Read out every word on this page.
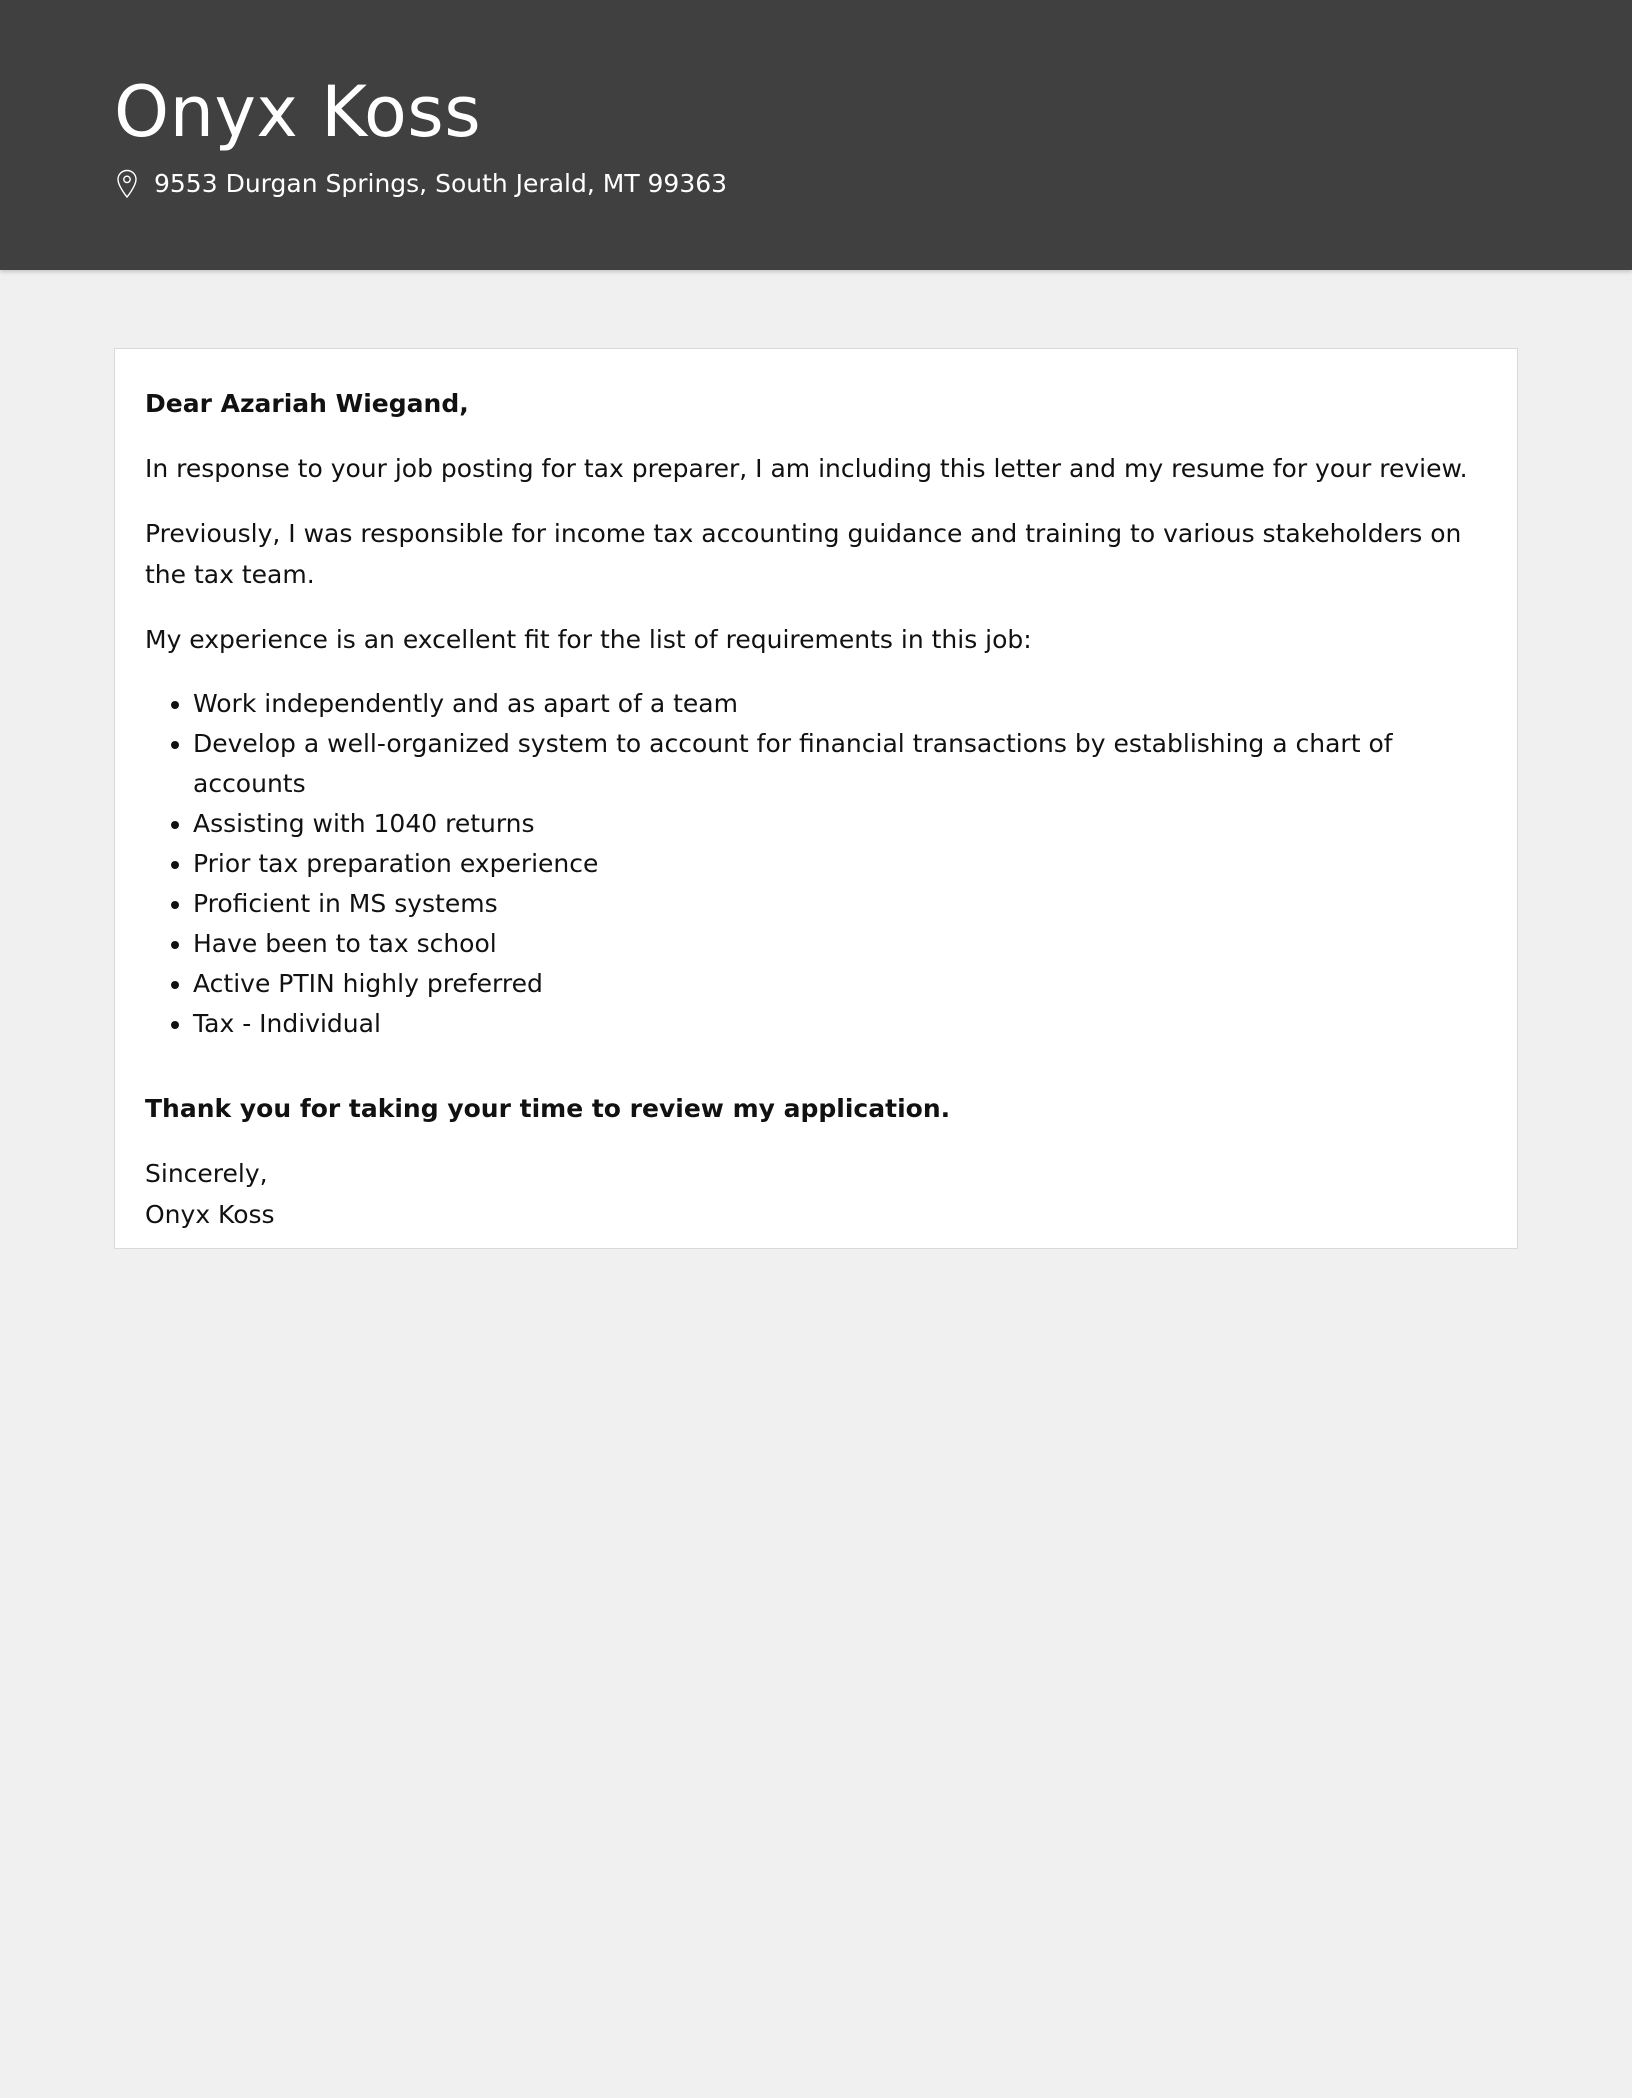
Onyx Koss
9553 Durgan Springs, South Jerald, MT 99363

Dear Azariah Wiegand,

In response to your job posting for tax preparer, I am including this letter and my resume for your review.

Previously, I was responsible for income tax accounting guidance and training to various stakeholders on the tax team.

My experience is an excellent fit for the list of requirements in this job:

• Work independently and as apart of a team
• Develop a well-organized system to account for financial transactions by establishing a chart of accounts
• Assisting with 1040 returns
• Prior tax preparation experience
• Proficient in MS systems
• Have been to tax school
• Active PTIN highly preferred
• Tax - Individual

Thank you for taking your time to review my application.

Sincerely,
Onyx Koss
